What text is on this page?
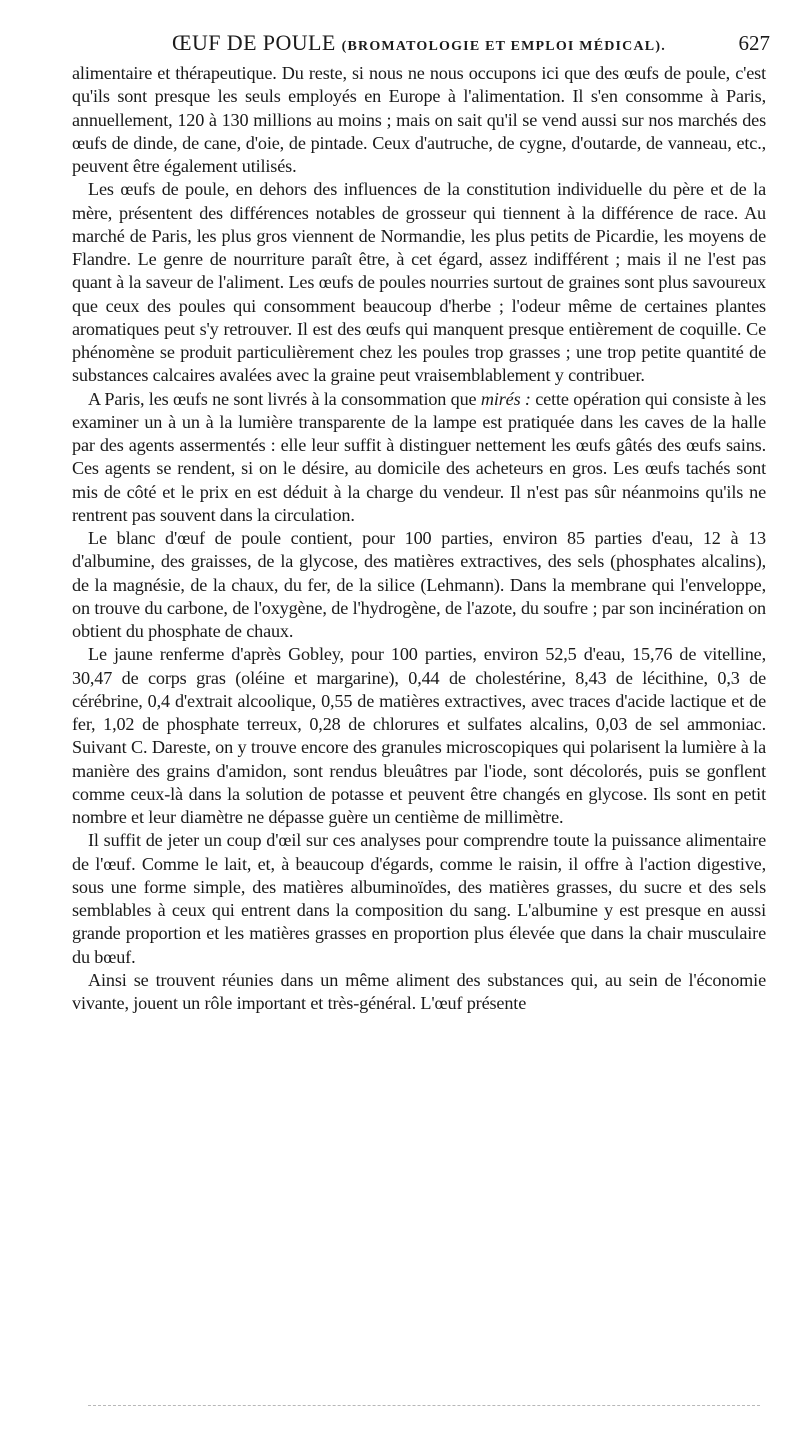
ŒUF DE POULE (BROMATOLOGIE ET EMPLOI MÉDICAL).	627

alimentaire et thérapeutique. Du reste, si nous ne nous occupons ici que des œufs de poule, c'est qu'ils sont presque les seuls employés en Europe à l'alimentation. Il s'en consomme à Paris, annuellement, 120 à 130 millions au moins ; mais on sait qu'il se vend aussi sur nos marchés des œufs de dinde, de cane, d'oie, de pintade. Ceux d'autruche, de cygne, d'outarde, de vanneau, etc., peuvent être également utilisés.

Les œufs de poule, en dehors des influences de la constitution individuelle du père et de la mère, présentent des différences notables de grosseur qui tiennent à la différence de race. Au marché de Paris, les plus gros viennent de Normandie, les plus petits de Picardie, les moyens de Flandre. Le genre de nourriture paraît être, à cet égard, assez indifférent ; mais il ne l'est pas quant à la saveur de l'aliment. Les œufs de poules nourries surtout de graines sont plus savoureux que ceux des poules qui consomment beaucoup d'herbe ; l'odeur même de certaines plantes aromatiques peut s'y retrouver. Il est des œufs qui manquent presque entièrement de coquille. Ce phénomène se produit particulièrement chez les poules trop grasses ; une trop petite quantité de substances calcaires avalées avec la graine peut vraisemblablement y contribuer.

A Paris, les œufs ne sont livrés à la consommation que mirés : cette opération qui consiste à les examiner un à un à la lumière transparente de la lampe est pratiquée dans les caves de la halle par des agents assermentés : elle leur suffit à distinguer nettement les œufs gâtés des œufs sains. Ces agents se rendent, si on le désire, au domicile des acheteurs en gros. Les œufs tachés sont mis de côté et le prix en est déduit à la charge du vendeur. Il n'est pas sûr néanmoins qu'ils ne rentrent pas souvent dans la circulation.

Le blanc d'œuf de poule contient, pour 100 parties, environ 85 parties d'eau, 12 à 13 d'albumine, des graisses, de la glycose, des matières extractives, des sels (phosphates alcalins), de la magnésie, de la chaux, du fer, de la silice (Lehmann). Dans la membrane qui l'enveloppe, on trouve du carbone, de l'oxygène, de l'hydrogène, de l'azote, du soufre ; par son incinération on obtient du phosphate de chaux.

Le jaune renferme d'après Gobley, pour 100 parties, environ 52,5 d'eau, 15,76 de vitelline, 30,47 de corps gras (oléine et margarine), 0,44 de cholestérine, 8,43 de lécithine, 0,3 de cérébrine, 0,4 d'extrait alcoolique, 0,55 de matières extractives, avec traces d'acide lactique et de fer, 1,02 de phosphate terreux, 0,28 de chlorures et sulfates alcalins, 0,03 de sel ammoniac. Suivant C. Dareste, on y trouve encore des granules microscopiques qui polarisent la lumière à la manière des grains d'amidon, sont rendus bleuâtres par l'iode, sont décolorés, puis se gonflent comme ceux-là dans la solution de potasse et peuvent être changés en glycose. Ils sont en petit nombre et leur diamètre ne dépasse guère un centième de millimètre.

Il suffit de jeter un coup d'œil sur ces analyses pour comprendre toute la puissance alimentaire de l'œuf. Comme le lait, et, à beaucoup d'égards, comme le raisin, il offre à l'action digestive, sous une forme simple, des matières albuminoïdes, des matières grasses, du sucre et des sels semblables à ceux qui entrent dans la composition du sang. L'albumine y est presque en aussi grande proportion et les matières grasses en proportion plus élevée que dans la chair musculaire du bœuf.

Ainsi se trouvent réunies dans un même aliment des substances qui, au sein de l'économie vivante, jouent un rôle important et très-général. L'œuf présente
